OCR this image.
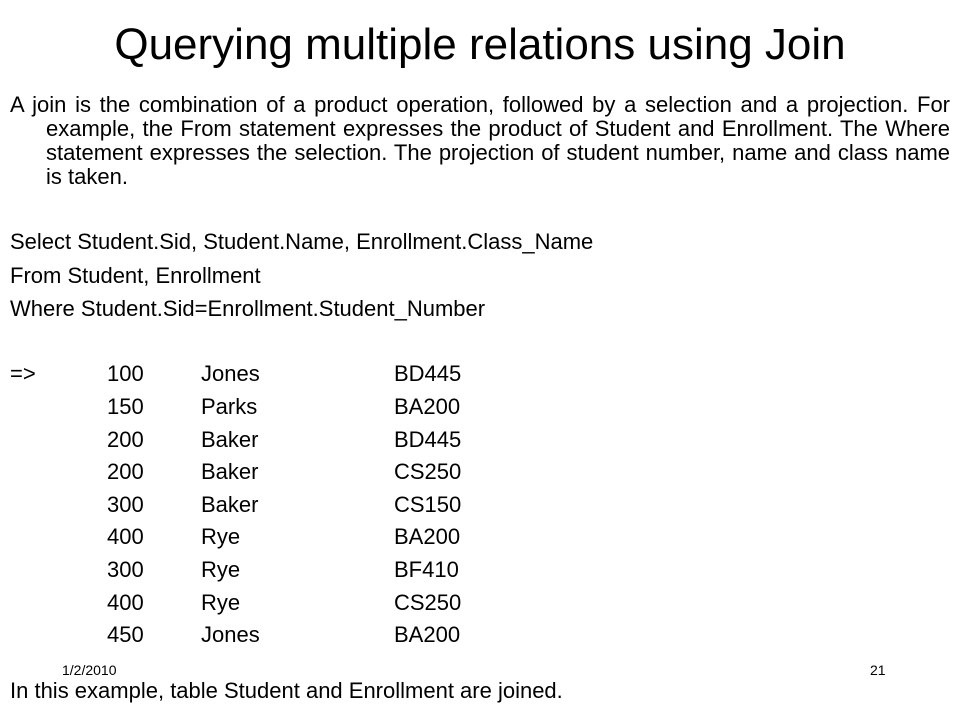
Querying multiple relations using Join

A join is the combination of a product operation, followed by a selection and a projection. For example, the From statement expresses the product of Student and Enrollment. The Where statement expresses the selection. The projection of student number, name and class name is taken.

Select Student.Sid, Student.Name, Enrollment.Class_Name
From Student, Enrollment
Where Student.Sid=Enrollment.Student_Number
=>	100	Jones	BD445
150	Parks	BA200
200	Baker	BD445
200	Baker	CS250
300	Baker	CS150
400	Rye	BA200
300	Rye	BF410
400	Rye	CS250
450	Jones	BA200
1/2/2010	21
In this example, table Student and Enrollment are joined.
